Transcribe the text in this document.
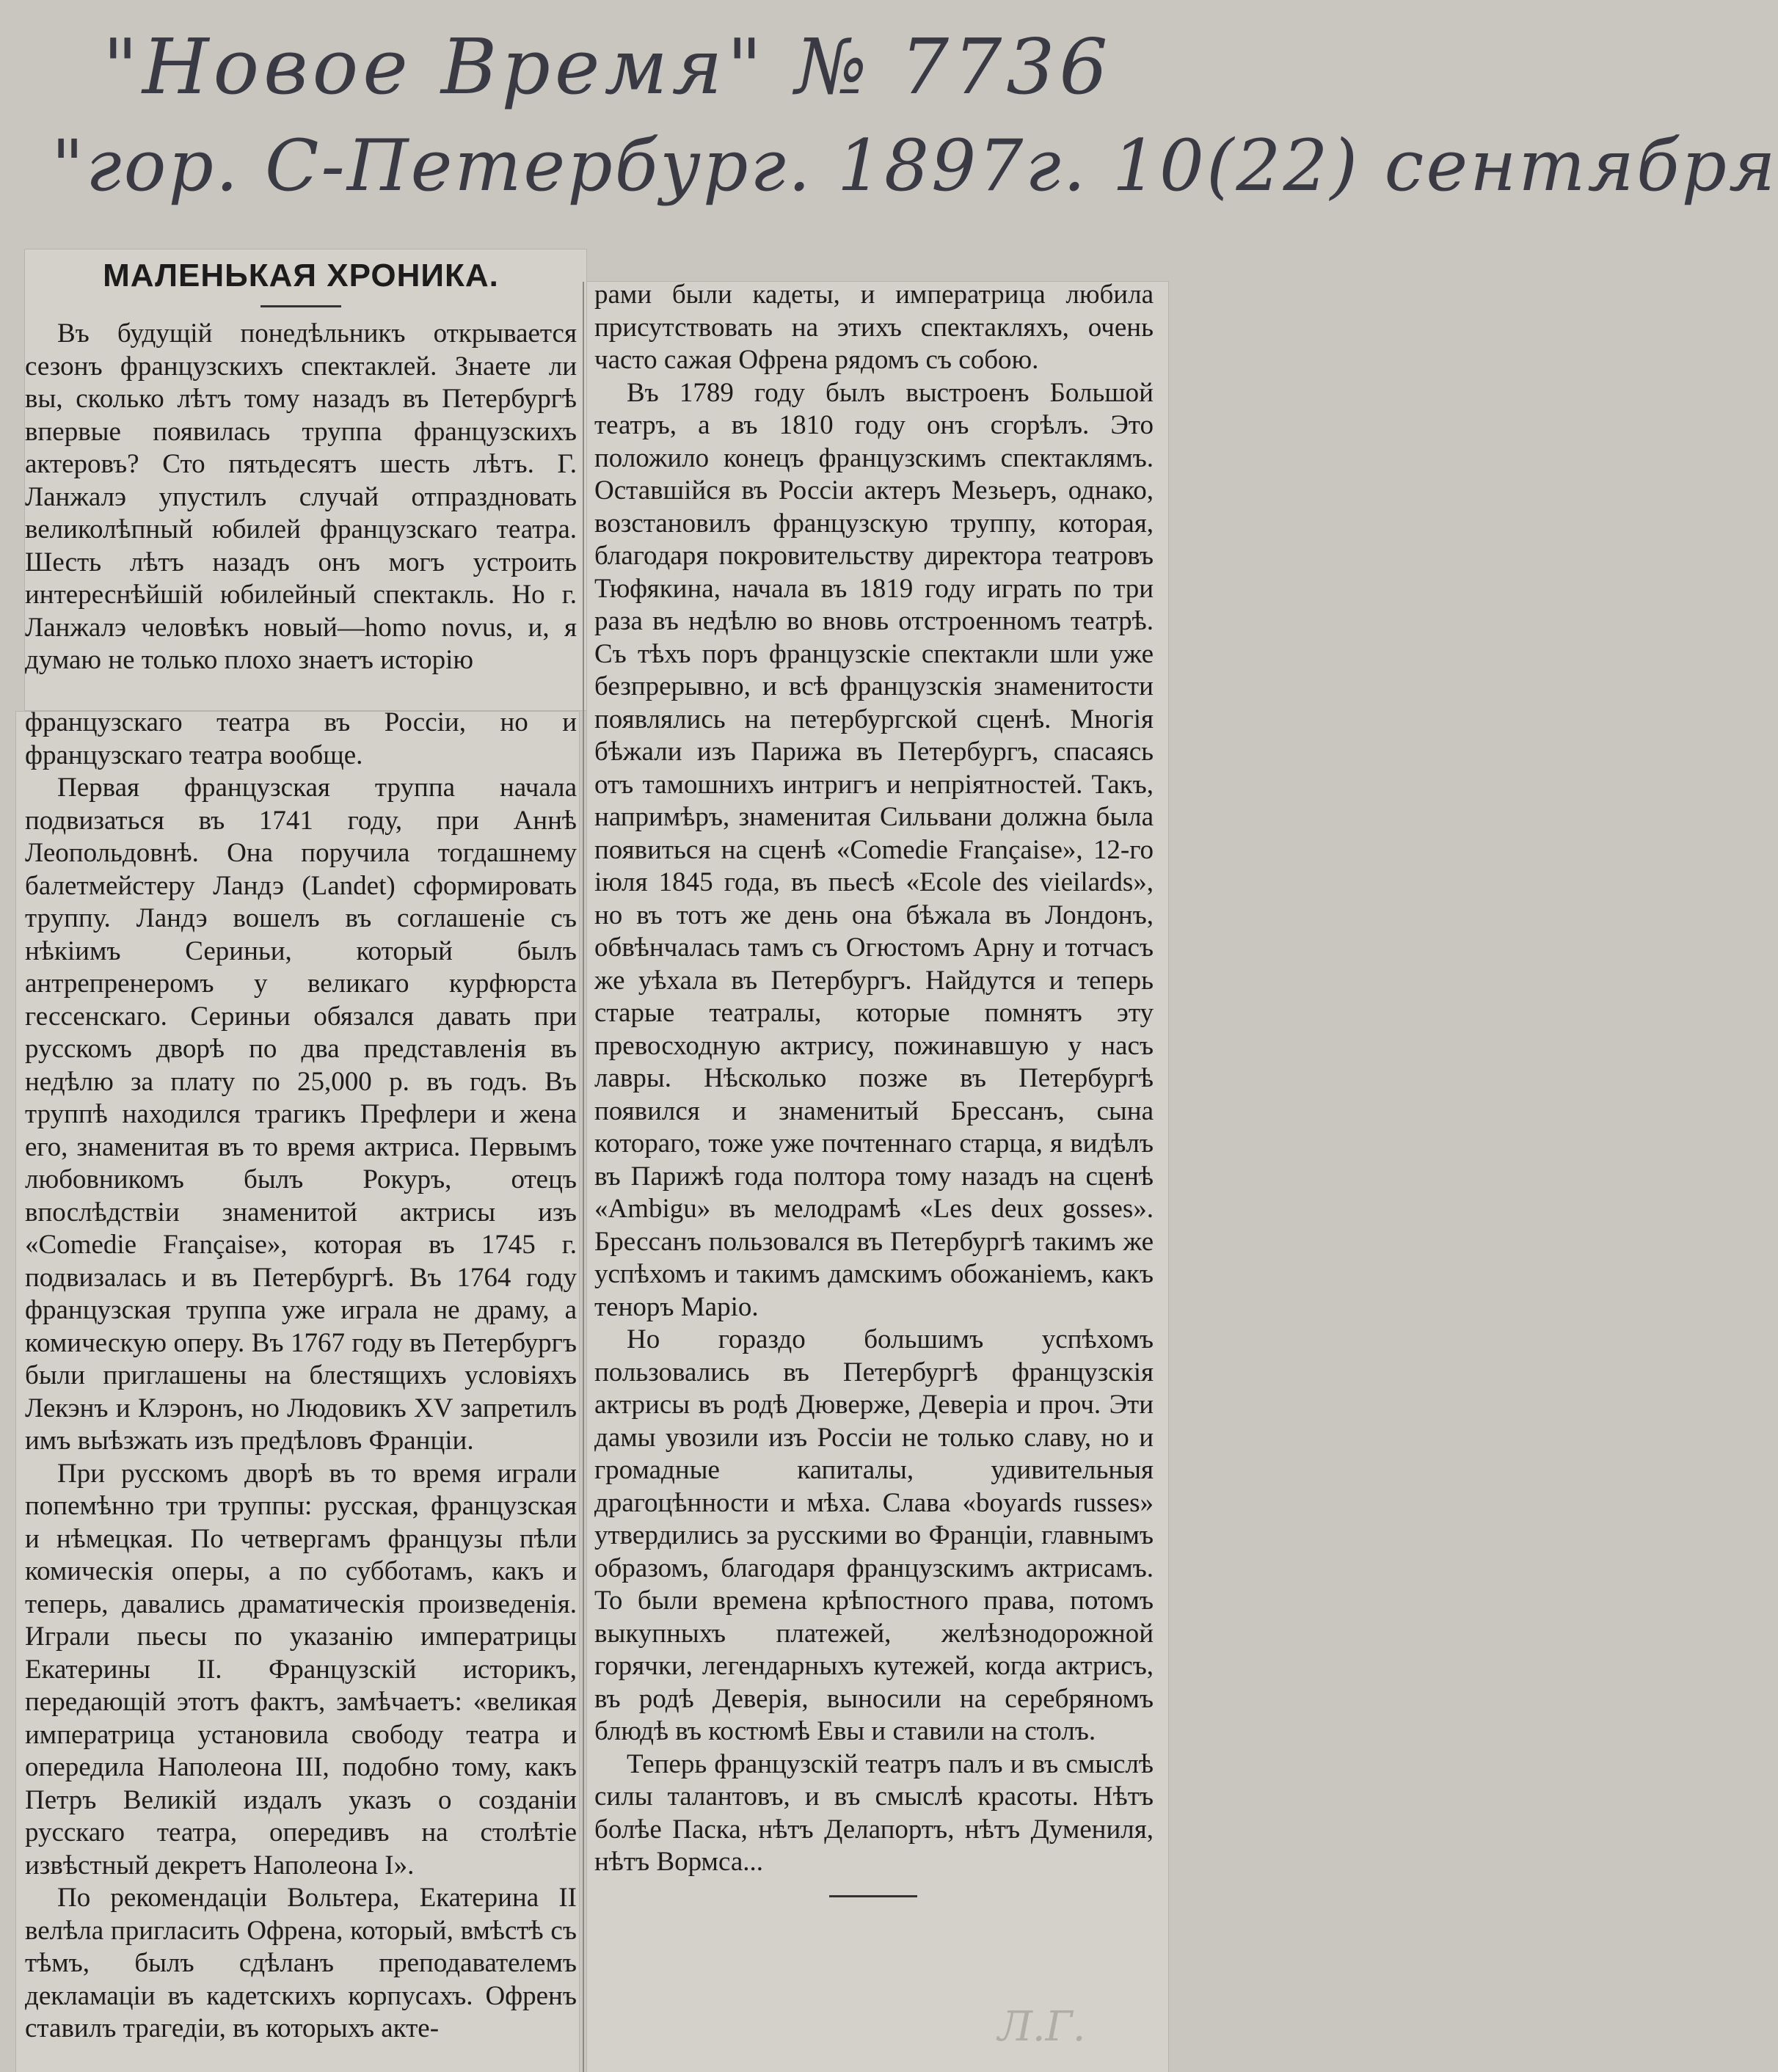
"Новое Время" № 7736
"гор. С-Петербург. 1897г. 10(22) сентября
МАЛЕНЬКАЯ ХРОНИКА.

Въ будущій понедѣльникъ открывается сезонъ французскихъ спектаклей. Знаете ли вы, сколько лѣтъ тому назадъ въ Петербургѣ впервые появилась труппа французскихъ актеровъ? Сто пятьдесятъ шесть лѣтъ. Г. Ланжалэ упустилъ случай отпраздновать великолѣпный юбилей французскаго театра. Шесть лѣтъ назадъ онъ могъ устроить интереснѣйшій юбилейный спектакль. Но г. Ланжалэ человѣкъ новый—homo novus, и, я думаю не только плохо знаетъ исторію

французскаго театра въ Россіи, но и французскаго театра вообще.

Первая французская труппа начала подвизаться въ 1741 году, при Аннѣ Леопольдовнѣ. Она поручила тогдашнему балетмейстеру Ландэ (Landet) сформировать труппу. Ландэ вошелъ въ соглашеніе съ нѣкіимъ Сериньи, который былъ антрепренеромъ у великаго курфюрста гессенскаго. Сериньи обязался давать при русскомъ дворѣ по два представленія въ недѣлю за плату по 25,000 р. въ годъ. Въ труппѣ находился трагикъ Префлери и жена его, знаменитая въ то время актриса. Первымъ любовникомъ былъ Рокуръ, отецъ впослѣдствіи знаменитой актрисы изъ «Comedie Française», которая въ 1745 г. подвизалась и въ Петербургѣ. Въ 1764 году французская труппа уже играла не драму, а комическую оперу. Въ 1767 году въ Петербургъ были приглашены на блестящихъ условіяхъ Лекэнъ и Клэронъ, но Людовикъ XV запретилъ имъ выѣзжать изъ предѣловъ Франціи.

При русскомъ дворѣ въ то время играли попемѣнно три труппы: русская, французская и нѣмецкая. По четвергамъ французы пѣли комическія оперы, а по субботамъ, какъ и теперь, давались драматическія произведенія. Играли пьесы по указанію императрицы Екатерины II. Французскій историкъ, передающій этотъ фактъ, замѣчаетъ: «великая императрица установила свободу театра и опередила Наполеона III, подобно тому, какъ Петръ Великій издалъ указъ о созданіи русскаго театра, опередивъ на столѣтіе извѣстный декретъ Наполеона I».

По рекомендаціи Вольтера, Екатерина II велѣла пригласить Офрена, который, вмѣстѣ съ тѣмъ, былъ сдѣланъ преподавателемъ декламаціи въ кадетскихъ корпусахъ. Офренъ ставилъ трагедіи, въ которыхъ акте-

рами были кадеты, и императрица любила присутствовать на этихъ спектакляхъ, очень часто сажая Офрена рядомъ съ собою.

Въ 1789 году былъ выстроенъ Большой театръ, а въ 1810 году онъ сгорѣлъ. Это положило конецъ французскимъ спектаклямъ. Оставшійся въ Россіи актеръ Мезьеръ, однако, возстановилъ французскую труппу, которая, благодаря покровительству директора театровъ Тюфякина, начала въ 1819 году играть по три раза въ недѣлю во вновь отстроенномъ театрѣ. Съ тѣхъ поръ французскіе спектакли шли уже безпрерывно, и всѣ французскія знаменитости появлялись на петербургской сценѣ. Многія бѣжали изъ Парижа въ Петербургъ, спасаясь отъ тамошнихъ интригъ и непріятностей. Такъ, напримѣръ, знаменитая Сильвани должна была появиться на сценѣ «Comedie Française», 12-го іюля 1845 года, въ пьесѣ «Ecole des vieilards», но въ тотъ же день она бѣжала въ Лондонъ, обвѣнчалась тамъ съ Огюстомъ Арну и тотчасъ же уѣхала въ Петербургъ. Найдутся и теперь старые театралы, которые помнятъ эту превосходную актрису, пожинавшую у насъ лавры. Нѣсколько позже въ Петербургѣ появился и знаменитый Брессанъ, сына котораго, тоже уже почтеннаго старца, я видѣлъ въ Парижѣ года полтора тому назадъ на сценѣ «Ambigu» въ мелодрамѣ «Les deux gosses». Брессанъ пользовался въ Петербургѣ такимъ же успѣхомъ и такимъ дамскимъ обожаніемъ, какъ теноръ Маріо.

Но гораздо большимъ успѣхомъ пользовались въ Петербургѣ французскія актрисы въ родѣ Дюверже, Деверіа и проч. Эти дамы увозили изъ Россіи не только славу, но и громадные капиталы, удивительныя драгоцѣнности и мѣха. Слава «boyards russes» утвердились за русскими во Франціи, главнымъ образомъ, благодаря французскимъ актрисамъ. То были времена крѣпостного права, потомъ выкупныхъ платежей, желѣзнодорожной горячки, легендарныхъ кутежей, когда актрисъ, въ родѣ Деверія, выносили на серебряномъ блюдѣ въ костюмѣ Евы и ставили на столъ.

Теперь французскій театръ палъ и въ смыслѣ силы талантовъ, и въ смыслѣ красоты. Нѣтъ болѣе Паска, нѣтъ Делапортъ, нѣтъ Думениля, нѣтъ Вормса...

Л.Г.
